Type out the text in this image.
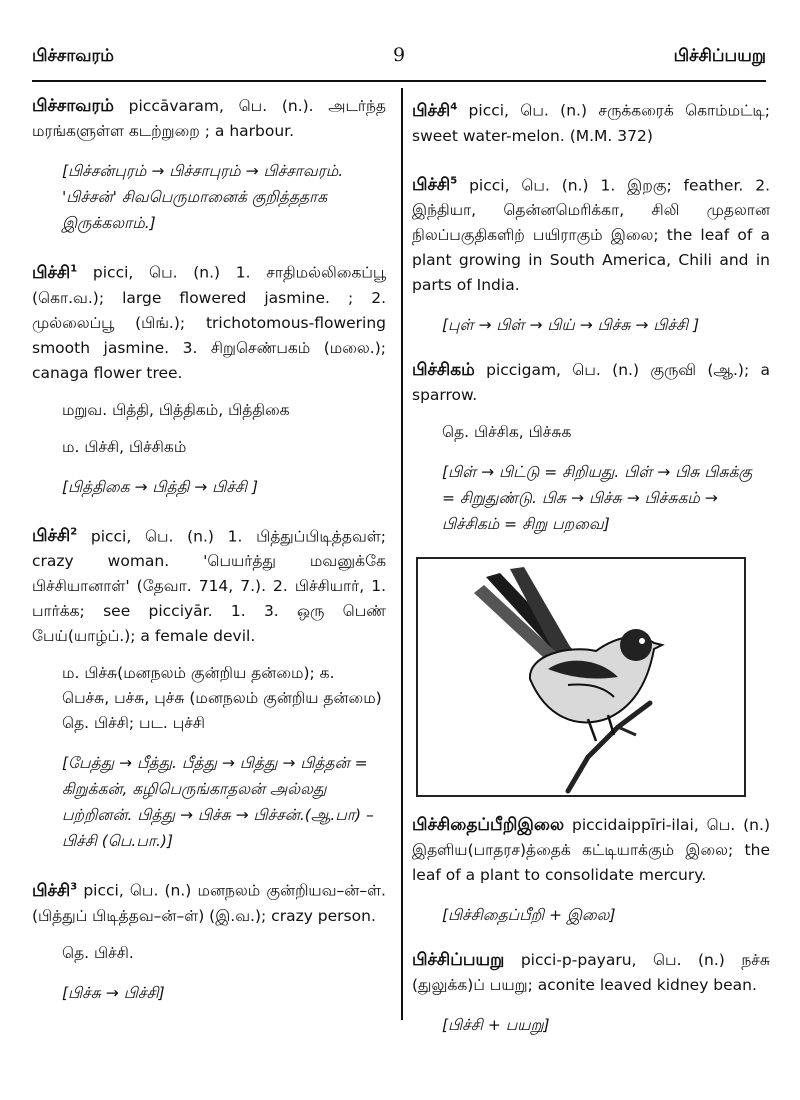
பிச்சாவரம்	9	பிச்சிப்பயறு

பிச்சாவரம் piccāvaram, பெ. (n.). அடர்ந்த மரங்களுள்ள கடற்றுறை ; a harbour.

[பிச்சன்புரம் → பிச்சாபுரம் → பிச்சாவரம். 'பிச்சன்' சிவபெருமானைக் குறித்ததாக இருக்கலாம்.]

பிச்சி$^1$ picci, பெ. (n.) 1. சாதிமல்லிகைப்பூ (கொ.வ.); large flowered jasmine. ; 2. முல்லைப்பூ (பிங்.); trichotomous-flowering smooth jasmine. 3. சிறுசெண்பகம் (மலை.); canaga flower tree.

மறுவ. பித்தி, பித்திகம், பித்திகை
ம. பிச்சி, பிச்சிகம்
[பித்திகை → பித்தி → பிச்சி ]

பிச்சி$^2$ picci, பெ. (n.) 1. பித்துப்பிடித்தவள்; crazy woman. 'பெயர்த்து மவனுக்கே பிச்சியானாள்' (தேவா. 714, 7.). 2. பிச்சியார், 1. பார்க்க; see picciyār. 1. 3. ஒரு பெண் பேய்(யாழ்ப்.); a female devil.

ம. பிச்சு(மனநலம் குன்றிய தன்மை); க. பெச்சு, பச்சு, புச்சு (மனநலம் குன்றிய தன்மை) தெ. பிச்சி; பட. புச்சி
[பேத்து → பீத்து. பீத்து → பித்து → பித்தன் = கிறுக்கன், கழிபெருங்காதலன் அல்லது பற்றினன். பித்து → பிச்சு → பிச்சன்.(ஆ.பா) –பிச்சி (பெ.பா.)]

பிச்சி$^3$ picci, பெ. (n.) மனநலம் குன்றியவ–ன்–ள்.(பித்துப் பிடித்தவ–ன்–ள்) (இ.வ.); crazy person.

தெ. பிச்சி.
[பிச்சு → பிச்சி]

பிச்சி$^4$ picci, பெ. (n.) சருக்கரைக் கொம்மட்டி; sweet water-melon. (M.M. 372)

பிச்சி$^5$ picci, பெ. (n.) 1. இறகு; feather. 2. இந்தியா, தென்னமெரிக்கா, சிலி முதலான நிலப்பகுதிகளிற் பயிராகும் இலை; the leaf of a plant growing in South America, Chili and in parts of India.

[புள் → பிள் → பிய் → பிச்சு → பிச்சி ]

பிச்சிகம் piccigam, பெ. (n.) குருவி (ஆ.); a sparrow.

தெ. பிச்சிக, பிச்சுக
[பிள் → பிட்டு = சிறியது. பிள் → பிசு பிசுக்கு = சிறுதுண்டு. பிசு → பிச்சு → பிச்சுகம் → பிச்சிகம் = சிறு பறவை]

பிச்சிதைப்பீறிஇலை piccidaippīri-ilai, பெ. (n.) இதளிய(பாதரச)த்தைக் கட்டியாக்கும் இலை; the leaf of a plant to consolidate mercury.

[பிச்சிதைப்பீறி + இலை]

பிச்சிப்பயறு picci-p-payaru, பெ. (n.) நச்சு (துலுக்க)ப் பயறு; aconite leaved kidney bean.

[பிச்சி + பயறு]
